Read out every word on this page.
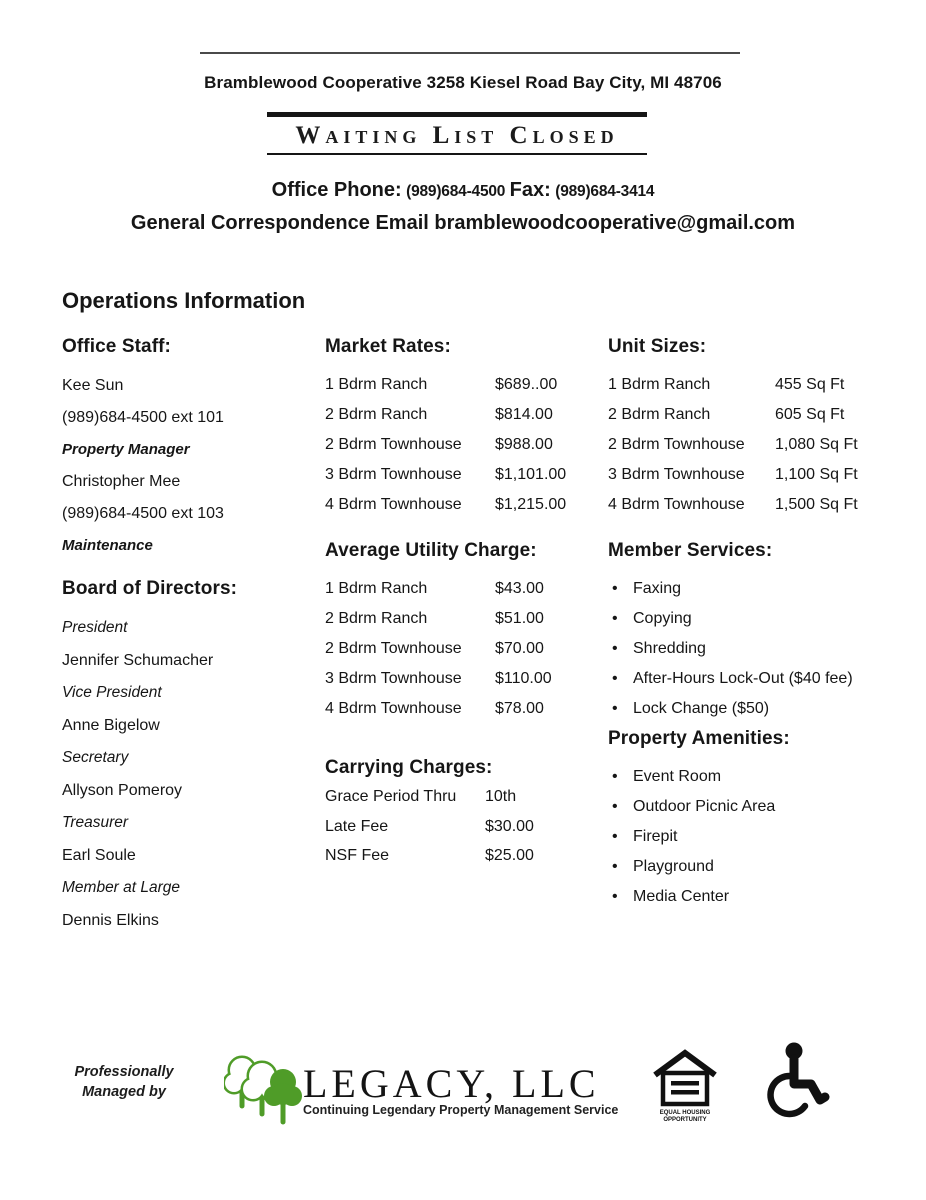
Bramblewood Cooperative 3258 Kiesel Road Bay City, MI 48706
Waiting List Closed
Office Phone: (989)684-4500 Fax: (989)684-3414
General Correspondence Email bramblewoodcooperative@gmail.com
Operations Information
Office Staff:
Kee Sun
(989)684-4500 ext 101
Property Manager
Christopher Mee
(989)684-4500 ext 103
Maintenance
Board of Directors:
President
Jennifer Schumacher
Vice President
Anne Bigelow
Secretary
Allyson Pomeroy
Treasurer
Earl Soule
Member at Large
Dennis Elkins
Market Rates:
1 Bdrm Ranch	$689..00
2 Bdrm Ranch	$814.00
2 Bdrm Townhouse	$988.00
3 Bdrm Townhouse	$1,101.00
4 Bdrm Townhouse	$1,215.00
Average Utility Charge:
1 Bdrm Ranch	$43.00
2 Bdrm Ranch	$51.00
2 Bdrm Townhouse	$70.00
3 Bdrm Townhouse	$110.00
4 Bdrm Townhouse	$78.00
Carrying Charges:
Grace Period Thru	10th
Late Fee	$30.00
NSF Fee	$25.00
Unit Sizes:
1 Bdrm Ranch	455 Sq Ft
2 Bdrm Ranch	605 Sq Ft
2 Bdrm Townhouse	1,080 Sq Ft
3 Bdrm Townhouse	1,100 Sq Ft
4 Bdrm Townhouse	1,500 Sq Ft
Member Services:
•
Faxing
•
Copying
•
Shredding
•
After-Hours Lock-Out ($40 fee)
•
Lock Change ($50)
Property Amenities:
•
Event Room
•
Outdoor Picnic Area
•
Firepit
•
Playground
•
Media Center
Professionally
Managed by	LEGACY, LLC
Continuing Legendary Property Management Service	EQUAL HOUSING
OPPORTUNITY
